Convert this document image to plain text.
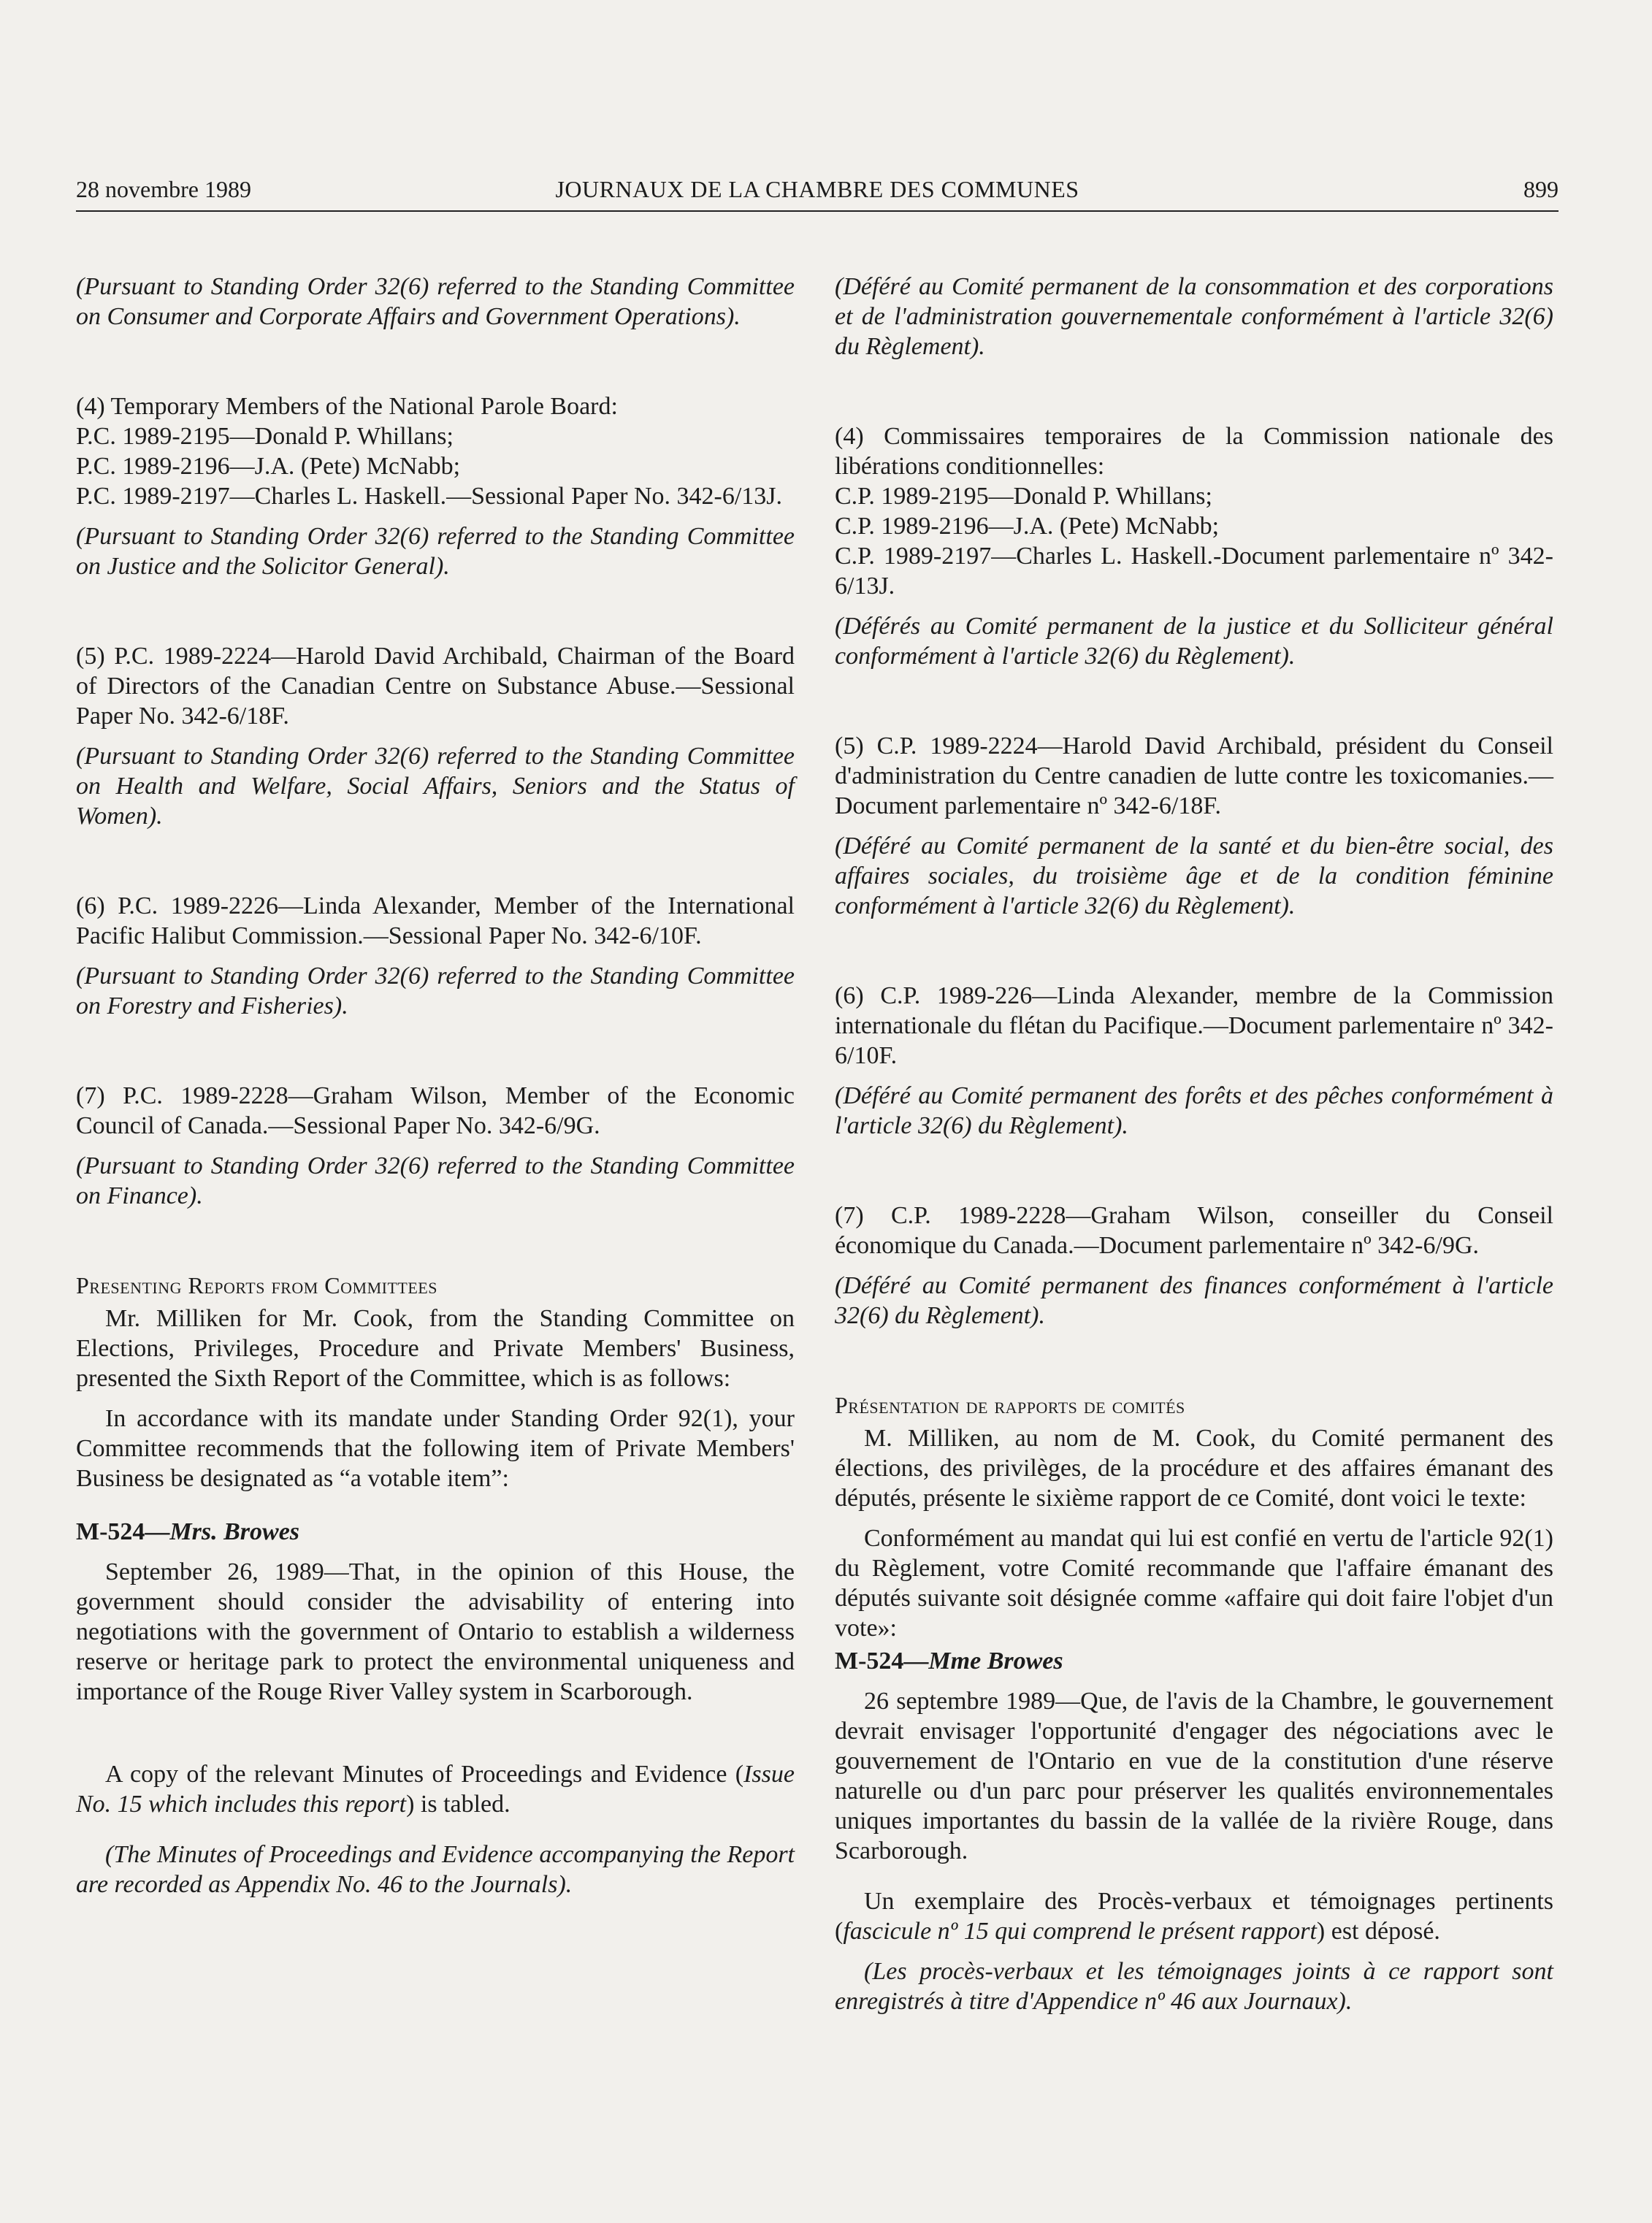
28 novembre 1989	JOURNAUX DE LA CHAMBRE DES COMMUNES	899

(Pursuant to Standing Order 32(6) referred to the Standing Committee on Consumer and Corporate Affairs and Government Operations).

(4) Temporary Members of the National Parole Board:

P.C. 1989-2195—Donald P. Whillans;

P.C. 1989-2196—J.A. (Pete) McNabb;

P.C. 1989-2197—Charles L. Haskell.—Sessional Paper No. 342-6/13J.

(Pursuant to Standing Order 32(6) referred to the Standing Committee on Justice and the Solicitor General).

(5) P.C. 1989-2224—Harold David Archibald, Chairman of the Board of Directors of the Canadian Centre on Substance Abuse.—Sessional Paper No. 342-6/18F.

(Pursuant to Standing Order 32(6) referred to the Standing Committee on Health and Welfare, Social Affairs, Seniors and the Status of Women).

(6) P.C. 1989-2226—Linda Alexander, Member of the International Pacific Halibut Commission.—Sessional Paper No. 342-6/10F.

(Pursuant to Standing Order 32(6) referred to the Standing Committee on Forestry and Fisheries).

(7) P.C. 1989-2228—Graham Wilson, Member of the Economic Council of Canada.—Sessional Paper No. 342-6/9G.

(Pursuant to Standing Order 32(6) referred to the Standing Committee on Finance).

Presenting Reports from Committees

Mr. Milliken for Mr. Cook, from the Standing Committee on Elections, Privileges, Procedure and Private Members' Business, presented the Sixth Report of the Committee, which is as follows:

In accordance with its mandate under Standing Order 92(1), your Committee recommends that the following item of Private Members' Business be designated as “a votable item”:

M-524—Mrs. Browes

September 26, 1989—That, in the opinion of this House, the government should consider the advisability of entering into negotiations with the government of Ontario to establish a wilderness reserve or heritage park to protect the environmental uniqueness and importance of the Rouge River Valley system in Scarborough.

A copy of the relevant Minutes of Proceedings and Evidence (Issue No. 15 which includes this report) is tabled.

(The Minutes of Proceedings and Evidence accompanying the Report are recorded as Appendix No. 46 to the Journals).

(Déféré au Comité permanent de la consommation et des corporations et de l'administration gouvernementale conformément à l'article 32(6) du Règlement).

(4) Commissaires temporaires de la Commission nationale des libérations conditionnelles:

C.P. 1989-2195—Donald P. Whillans;

C.P. 1989-2196—J.A. (Pete) McNabb;

C.P. 1989-2197—Charles L. Haskell.-Document parlementaire nº 342-6/13J.

(Déférés au Comité permanent de la justice et du Solliciteur général conformément à l'article 32(6) du Règlement).

(5) C.P. 1989-2224—Harold David Archibald, président du Conseil d'administration du Centre canadien de lutte contre les toxicomanies.—Document parlementaire nº 342-6/18F.

(Déféré au Comité permanent de la santé et du bien-être social, des affaires sociales, du troisième âge et de la condition féminine conformément à l'article 32(6) du Règlement).

(6) C.P. 1989-226—Linda Alexander, membre de la Commission internationale du flétan du Pacifique.—Document parlementaire nº 342-6/10F.

(Déféré au Comité permanent des forêts et des pêches conformément à l'article 32(6) du Règlement).

(7) C.P. 1989-2228—Graham Wilson, conseiller du Conseil économique du Canada.—Document parlementaire nº 342-6/9G.

(Déféré au Comité permanent des finances conformément à l'article 32(6) du Règlement).

Présentation de rapports de comités

M. Milliken, au nom de M. Cook, du Comité permanent des élections, des privilèges, de la procédure et des affaires émanant des députés, présente le sixième rapport de ce Comité, dont voici le texte:

Conformément au mandat qui lui est confié en vertu de l'article 92(1) du Règlement, votre Comité recommande que l'affaire émanant des députés suivante soit désignée comme «affaire qui doit faire l'objet d'un vote»:

M-524—Mme Browes

26 septembre 1989—Que, de l'avis de la Chambre, le gouvernement devrait envisager l'opportunité d'engager des négociations avec le gouvernement de l'Ontario en vue de la constitution d'une réserve naturelle ou d'un parc pour préserver les qualités environnementales uniques importantes du bassin de la vallée de la rivière Rouge, dans Scarborough.

Un exemplaire des Procès-verbaux et témoignages pertinents (fascicule nº 15 qui comprend le présent rapport) est déposé.

(Les procès-verbaux et les témoignages joints à ce rapport sont enregistrés à titre d'Appendice nº 46 aux Journaux).
